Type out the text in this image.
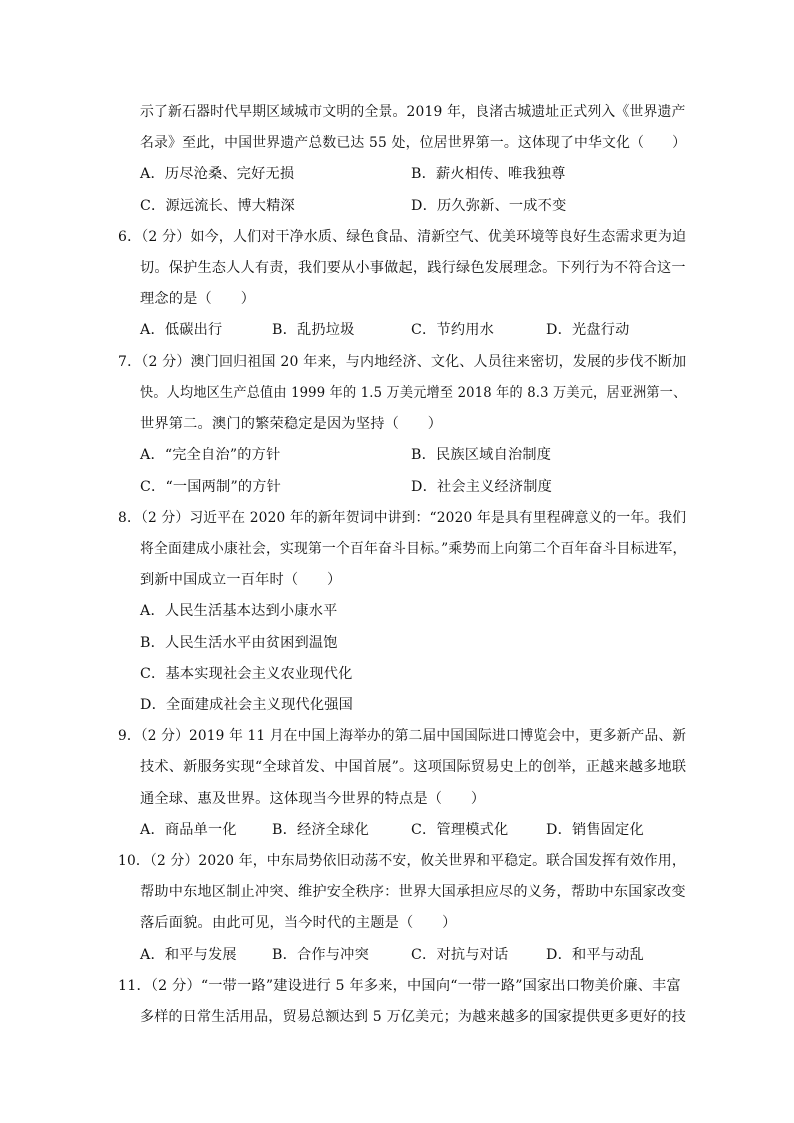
示了新石器时代早期区域城市文明的全景。2019 年，良渚古城遗址正式列入《世界遗产
名录》至此，中国世界遗产总数已达 55 处，位居世界第一。这体现了中华文化（　　）
A．历尽沧桑、完好无损	B．薪火相传、唯我独尊
C．源远流长、博大精深	D．历久弥新、一成不变
6．（2 分）如今，人们对干净水质、绿色食品、清新空气、优美环境等良好生态需求更为迫
切。保护生态人人有责，我们要从小事做起，践行绿色发展理念。下列行为不符合这一
理念的是（　　）
A．低碳出行	B．乱扔垃圾	C．节约用水	D．光盘行动
7．（2 分）澳门回归祖国 20 年来，与内地经济、文化、人员往来密切，发展的步伐不断加
快。人均地区生产总值由 1999 年的 1.5 万美元增至 2018 年的 8.3 万美元，居亚洲第一、
世界第二。澳门的繁荣稳定是因为坚持（　　）
A．“完全自治”的方针	B．民族区域自治制度
C．“一国两制”的方针	D．社会主义经济制度
8．（2 分）习近平在 2020 年的新年贺词中讲到：“2020 年是具有里程碑意义的一年。我们
将全面建成小康社会，实现第一个百年奋斗目标。”乘势而上向第二个百年奋斗目标进军，
到新中国成立一百年时（　　）
A．人民生活基本达到小康水平
B．人民生活水平由贫困到温饱
C．基本实现社会主义农业现代化
D．全面建成社会主义现代化强国
9．（2 分）2019 年 11 月在中国上海举办的第二届中国国际进口博览会中，更多新产品、新
技术、新服务实现“全球首发、中国首展”。这项国际贸易史上的创举，正越来越多地联
通全球、惠及世界。这体现当今世界的特点是（　　）
A．商品单一化 B．经济全球化	C．管理模式化	D．销售固定化
10．（2 分）2020 年，中东局势依旧动荡不安，攸关世界和平稳定。联合国发挥有效作用，
帮助中东地区制止冲突、维护安全秩序：世界大国承担应尽的义务，帮助中东国家改变
落后面貌。由此可见，当今时代的主题是（　　）
A．和平与发展 B．合作与冲突	C．对抗与对话	D．和平与动乱
11．（2 分）“一带一路”建设进行 5 年多来，中国向“一带一路”国家出口物美价廉、丰富
多样的日常生活用品，贸易总额达到 5 万亿美元；为越来越多的国家提供更多更好的技
